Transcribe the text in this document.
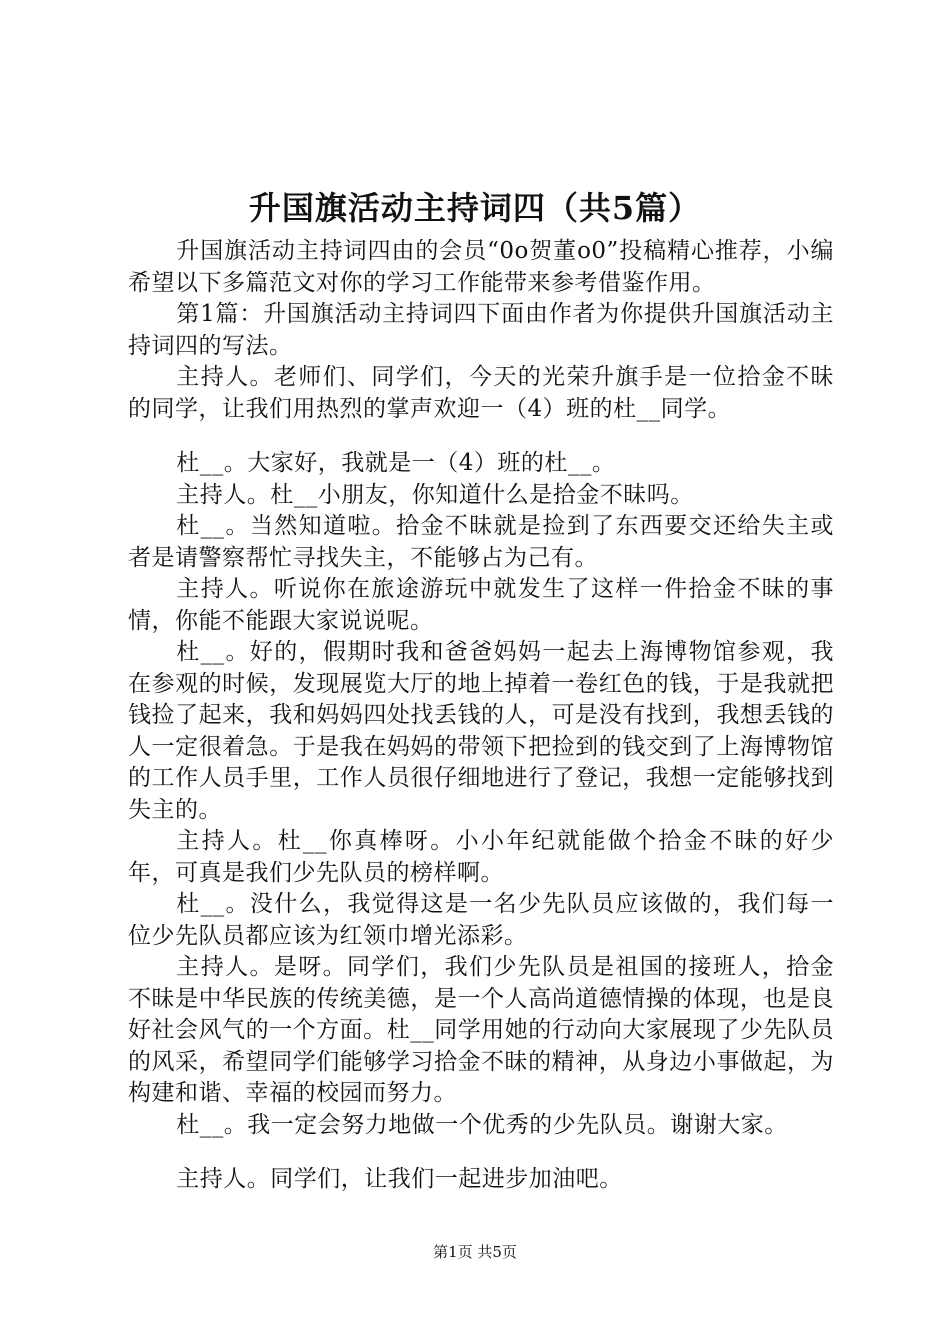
升国旗活动主持词四（共5篇）

升国旗活动主持词四由的会员“0o贺董o0”投稿精心推荐，小编希望以下多篇范文对你的学习工作能带来参考借鉴作用。

第1篇：升国旗活动主持词四下面由作者为你提供升国旗活动主持词四的写法。

主持人。老师们、同学们，今天的光荣升旗手是一位拾金不昧的同学，让我们用热烈的掌声欢迎一（4）班的杜__同学。

杜__。大家好，我就是一（4）班的杜__。

主持人。杜__小朋友，你知道什么是拾金不昧吗。

杜__。当然知道啦。拾金不昧就是捡到了东西要交还给失主或者是请警察帮忙寻找失主，不能够占为己有。

主持人。听说你在旅途游玩中就发生了这样一件拾金不昧的事情，你能不能跟大家说说呢。

杜__。好的，假期时我和爸爸妈妈一起去上海博物馆参观，我在参观的时候，发现展览大厅的地上掉着一卷红色的钱，于是我就把钱捡了起来，我和妈妈四处找丢钱的人，可是没有找到，我想丢钱的人一定很着急。于是我在妈妈的带领下把捡到的钱交到了上海博物馆的工作人员手里，工作人员很仔细地进行了登记，我想一定能够找到失主的。

主持人。杜__你真棒呀。小小年纪就能做个拾金不昧的好少年，可真是我们少先队员的榜样啊。

杜__。没什么，我觉得这是一名少先队员应该做的，我们每一位少先队员都应该为红领巾增光添彩。

主持人。是呀。同学们，我们少先队员是祖国的接班人，拾金不昧是中华民族的传统美德，是一个人高尚道德情操的体现，也是良好社会风气的一个方面。杜__同学用她的行动向大家展现了少先队员的风采，希望同学们能够学习拾金不昧的精神，从身边小事做起，为构建和谐、幸福的校园而努力。

杜__。我一定会努力地做一个优秀的少先队员。谢谢大家。

主持人。同学们，让我们一起进步加油吧。

第1页 共5页
